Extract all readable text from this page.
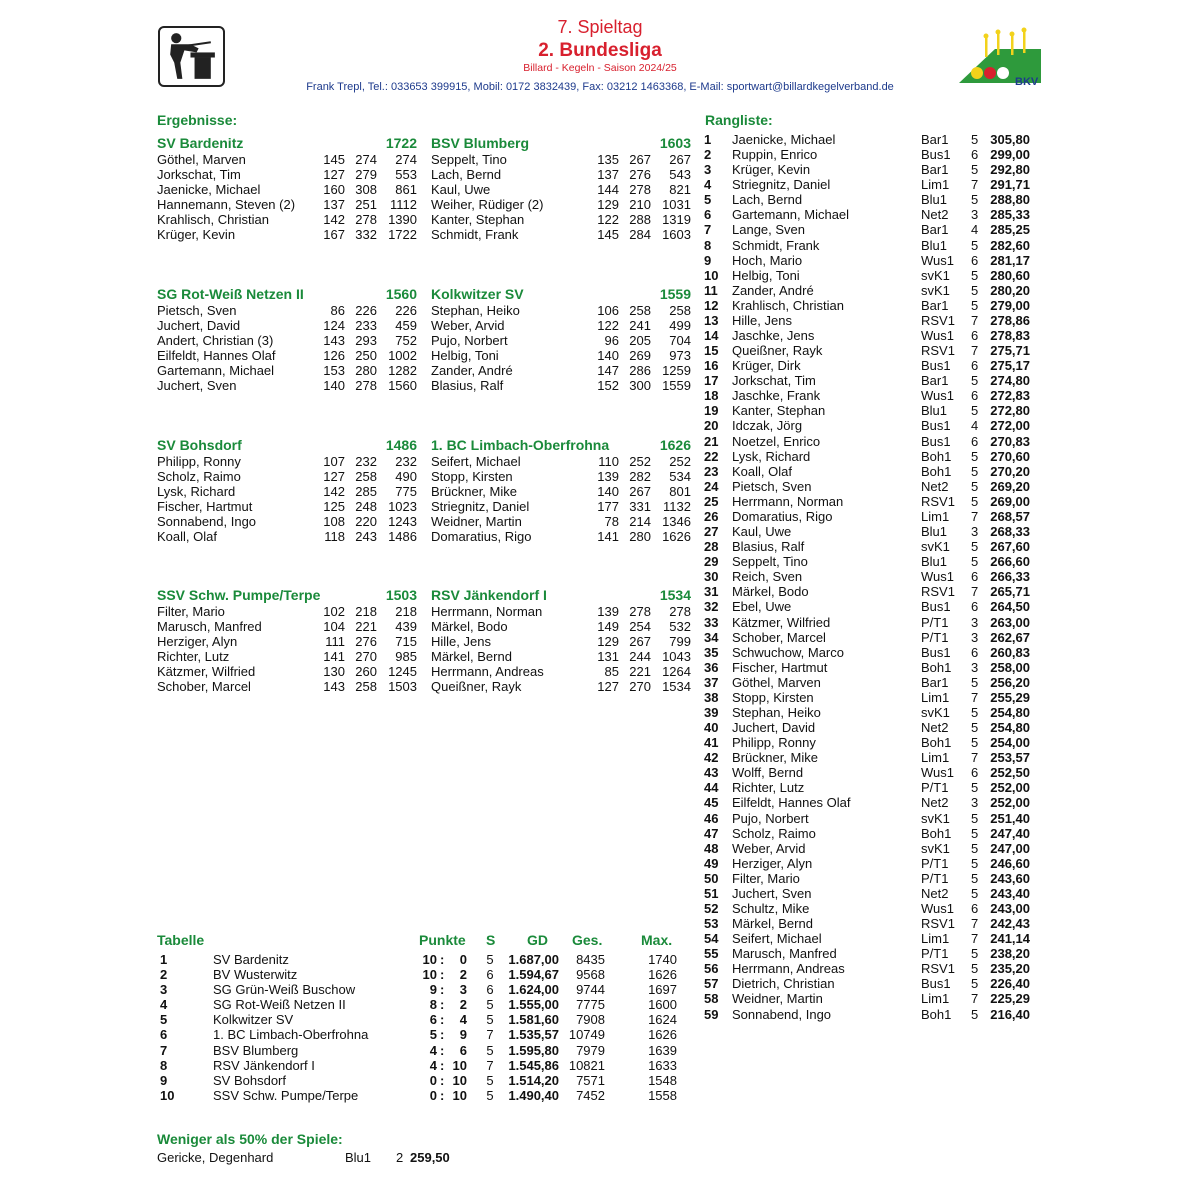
7. Spieltag
2. Bundesliga
Billard - Kegeln - Saison 2024/25
Frank Trepl, Tel.: 033653 399915, Mobil: 0172 3832439, Fax: 03212 1463368, E-Mail: sportwart@billardkegelverband.de	BKV
Ergebnisse:
SV Bardenitz	1722
Göthel, Marven	145 274	274
Jorkschat, Tim	127 279	553
Jaenicke, Michael	160 308	861
Hannemann, Steven (2)	137 251	1112
Krahlisch, Christian	142 278 1390
Krüger, Kevin	167 332 1722
BSV Blumberg	1603
Seppelt, Tino	135 267	267
Lach, Bernd	137 276	543
Kaul, Uwe	144 278	821
Weiher, Rüdiger (2)	129 210 1031
Kanter, Stephan	122 288 1319
Schmidt, Frank	145 284 1603
SG Rot-Weiß Netzen II	1560
Pietsch, Sven	86 226	226
Juchert, David	124 233	459
Andert, Christian (3)	143 293	752
Eilfeldt, Hannes Olaf	126 250 1002
Gartemann, Michael	153 280 1282
Juchert, Sven	140 278 1560
Kolkwitzer SV	1559
Stephan, Heiko	106 258	258
Weber, Arvid	122 241	499
Pujo, Norbert	96 205	704
Helbig, Toni	140 269	973
Zander, André	147 286 1259
Blasius, Ralf	152 300 1559
SV Bohsdorf	1486
Philipp, Ronny	107 232	232
Scholz, Raimo	127 258	490
Lysk, Richard	142 285	775
Fischer, Hartmut	125 248 1023
Sonnabend, Ingo	108 220 1243
Koall, Olaf	118 243 1486
1. BC Limbach-Oberfrohna	1626
Seifert, Michael	110 252	252
Stopp, Kirsten	139 282	534
Brückner, Mike	140 267	801
Striegnitz, Daniel	177 331 1132
Weidner, Martin	78 214 1346
Domaratius, Rigo	141 280 1626
SSV Schw. Pumpe/Terpe	1503
Filter, Mario	102 218	218
Marusch, Manfred	104 221	439
Herziger, Alyn	111 276	715
Richter, Lutz	141 270	985
Kätzmer, Wilfried	130 260 1245
Schober, Marcel	143 258 1503
RSV Jänkendorf I	1534
Herrmann, Norman	139 278	278
Märkel, Bodo	149 254	532
Hille, Jens	129 267	799
Märkel, Bernd	131 244 1043
Herrmann, Andreas	85 221 1264
Queißner, Rayk	127 270 1534
Rangliste:
1	Jaenicke, Michael	Bar1 5 305,80
2	Ruppin, Enrico	Bus1 6 299,00
3	Krüger, Kevin	Bar1 5 292,80
4	Striegnitz, Daniel	Lim1 7 291,71
5	Lach, Bernd	Blu1 5 288,80
6	Gartemann, Michael	Net2 3 285,33
7	Lange, Sven	Bar1 4 285,25
8	Schmidt, Frank	Blu1 5 282,60
9	Hoch, Mario	Wus1 6 281,17
10	Helbig, Toni	svK1 5 280,60
11	Zander, André	svK1 5 280,20
12	Krahlisch, Christian	Bar1 5 279,00
13	Hille, Jens	RSV1 7 278,86
14	Jaschke, Jens	Wus1 6 278,83
15	Queißner, Rayk	RSV1 7 275,71
16	Krüger, Dirk	Bus1 6 275,17
17	Jorkschat, Tim	Bar1 5 274,80
18	Jaschke, Frank	Wus1 6 272,83
19	Kanter, Stephan	Blu1 5 272,80
20	Idczak, Jörg	Bus1 4 272,00
21	Noetzel, Enrico	Bus1 6 270,83
22	Lysk, Richard	Boh1 5 270,60
23	Koall, Olaf	Boh1 5 270,20
24	Pietsch, Sven	Net2 5 269,20
25	Herrmann, Norman	RSV1 5 269,00
26	Domaratius, Rigo	Lim1 7 268,57
27	Kaul, Uwe	Blu1 3 268,33
28	Blasius, Ralf	svK1 5 267,60
29	Seppelt, Tino	Blu1 5 266,60
30	Reich, Sven	Wus1 6 266,33
31	Märkel, Bodo	RSV1 7 265,71
32	Ebel, Uwe	Bus1 6 264,50
33	Kätzmer, Wilfried	P/T1 3 263,00
34	Schober, Marcel	P/T1 3 262,67
35	Schwuchow, Marco	Bus1 6 260,83
36	Fischer, Hartmut	Boh1 3 258,00
37	Göthel, Marven	Bar1 5 256,20
38	Stopp, Kirsten	Lim1 7 255,29
39	Stephan, Heiko	svK1 5 254,80
40	Juchert, David	Net2 5 254,80
41	Philipp, Ronny	Boh1 5 254,00
42	Brückner, Mike	Lim1 7 253,57
43	Wolff, Bernd	Wus1 6 252,50
44	Richter, Lutz	P/T1 5 252,00
45	Eilfeldt, Hannes Olaf	Net2 3 252,00
46	Pujo, Norbert	svK1 5 251,40
47	Scholz, Raimo	Boh1 5 247,40
48	Weber, Arvid	svK1 5 247,00
49	Herziger, Alyn	P/T1 5 246,60
50	Filter, Mario	P/T1 5 243,60
51	Juchert, Sven	Net2 5 243,40
52	Schultz, Mike	Wus1 6 243,00
53	Märkel, Bernd	RSV1 7 242,43
54	Seifert, Michael	Lim1 7 241,14
55	Marusch, Manfred	P/T1 5 238,20
56	Herrmann, Andreas	RSV1 5 235,20
57	Dietrich, Christian	Bus1 5 226,40
58	Weidner, Martin	Lim1 7 225,29
59	Sonnabend, Ingo	Boh1 5 216,40
Tabelle	Punkte S GD Ges.	Max.
1	SV Bardenitz	10 :	0 5	1.687,00	8435	1740
2	BV Wusterwitz	10 :	2 6	1.594,67	9568	1626
3	SG Grün-Weiß Buschow	9 :	3 6	1.624,00	9744	1697
4	SG Rot-Weiß Netzen II	8 :	2 5	1.555,00	7775	1600
5	Kolkwitzer SV	6 :	4 5	1.581,60	7908	1624
6	1. BC Limbach-Oberfrohna	5 :	9 7	1.535,57 10749	1626
7	BSV Blumberg	4 :	6 5	1.595,80	7979	1639
8	RSV Jänkendorf I	4 : 10 7	1.545,86 10821	1633
9	SV Bohsdorf	0 : 10 5	1.514,20	7571	1548
10	SSV Schw. Pumpe/Terpe	0 : 10 5	1.490,40	7452	1558
Weniger als 50% der Spiele:
Gericke, Degenhard	Blu1 2 259,50
